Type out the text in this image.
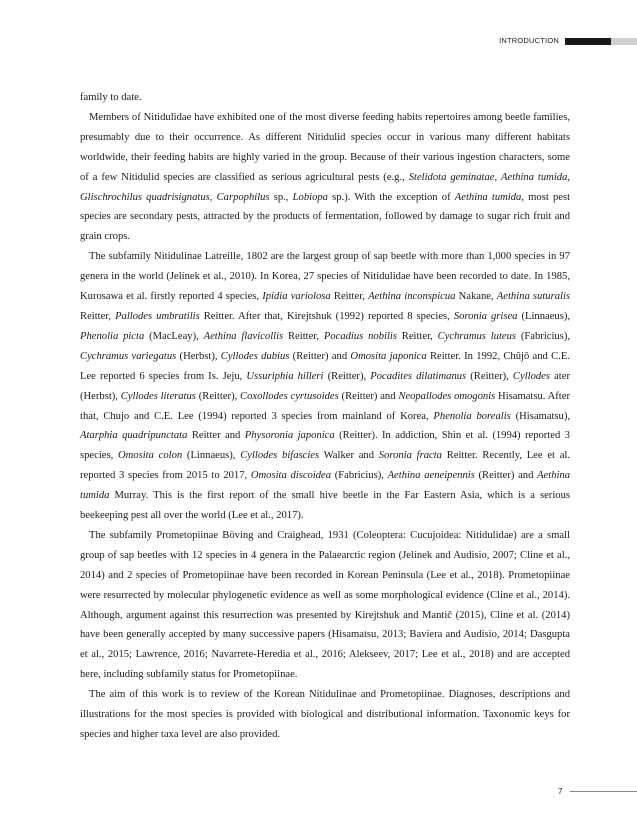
INTRODUCTION

family to date.

Members of Nitidulidae have exhibited one of the most diverse feeding habits repertoires among beetle families, presumably due to their occurrence. As different Nitidulid species occur in various many different habitats worldwide, their feeding habits are highly varied in the group. Because of their various ingestion characters, some of a few Nitidulid species are classified as serious agricultural pests (e.g., Stelidota geminatae, Aethina tumida, Glischrochilus quadrisignatus, Carpophilus sp., Lobiopa sp.). With the exception of Aethina tumida, most pest species are secondary pests, attracted by the products of fermentation, followed by damage to sugar rich fruit and grain crops.

The subfamily Nitidulinae Latreille, 1802 are the largest group of sap beetle with more than 1,000 species in 97 genera in the world (Jelínek et al., 2010). In Korea, 27 species of Nitidulidae have been recorded to date. In 1985, Kurosawa et al. firstly reported 4 species, Ipidia variolosa Reitter, Aethina inconspicua Nakane, Aethina suturalis Reitter, Pallodes umbratilis Reitter. After that, Kirejtshuk (1992) reported 8 species, Soronia grisea (Linnaeus), Phenolia picta (MacLeay), Aethina flavicollis Reitter, Pocadius nobilis Reitter, Cychramus luteus (Fabricius), Cychramus variegatus (Herbst), Cyllodes dubius (Reitter) and Omosita japonica Reitter. In 1992, Chûjô and C.E. Lee reported 6 species from Is. Jeju, Ussuriphia hilleri (Reitter), Pocadites dilatimanus (Reitter), Cyllodes ater (Herbst), Cyllodes literatus (Reitter), Coxollodes cyrtusoides (Reitter) and Neopallodes omogonis Hisamatsu. After that, Chujo and C.E. Lee (1994) reported 3 species from mainland of Korea, Phenolia borealis (Hisamatsu), Atarphia quadripunctata Reitter and Physoronia japonica (Reitter). In addiction, Shin et al. (1994) reported 3 species, Omosita colon (Linnaeus), Cyllodes bifascies Walker and Soronia fracta Reitter. Recently, Lee et al. reported 3 species from 2015 to 2017, Omosita discoidea (Fabricius), Aethina aeneipennis (Reitter) and Aethina tumida Murray. This is the first report of the small hive beetle in the Far Eastern Asia, which is a serious beekeeping pest all over the world (Lee et al., 2017).

The subfamily Prometopiinae Böving and Craighead, 1931 (Coleoptera: Cucujoidea: Nitidulidae) are a small group of sap beetles with 12 species in 4 genera in the Palaearctic region (Jelínek and Audisio, 2007; Cline et al., 2014) and 2 species of Prometopiinae have been recorded in Korean Peninsula (Lee et al., 2018). Prometopiinae were resurrected by molecular phylogenetic evidence as well as some morphological evidence (Cline et al., 2014). Although, argument against this resurrection was presented by Kirejtshuk and Mantič (2015), Cline et al. (2014) have been generally accepted by many successive papers (Hisamatsu, 2013; Baviera and Audisio, 2014; Dasgupta et al., 2015; Lawrence, 2016; Navarrete-Heredia et al., 2016; Alekseev, 2017; Lee et al., 2018) and are accepted here, including subfamily status for Prometopiinae.

The aim of this work is to review of the Korean Nitidulinae and Prometopiinae. Diagnoses, descriptions and illustrations for the most species is provided with biological and distributional information. Taxonomic keys for species and higher taxa level are also provided.

7
